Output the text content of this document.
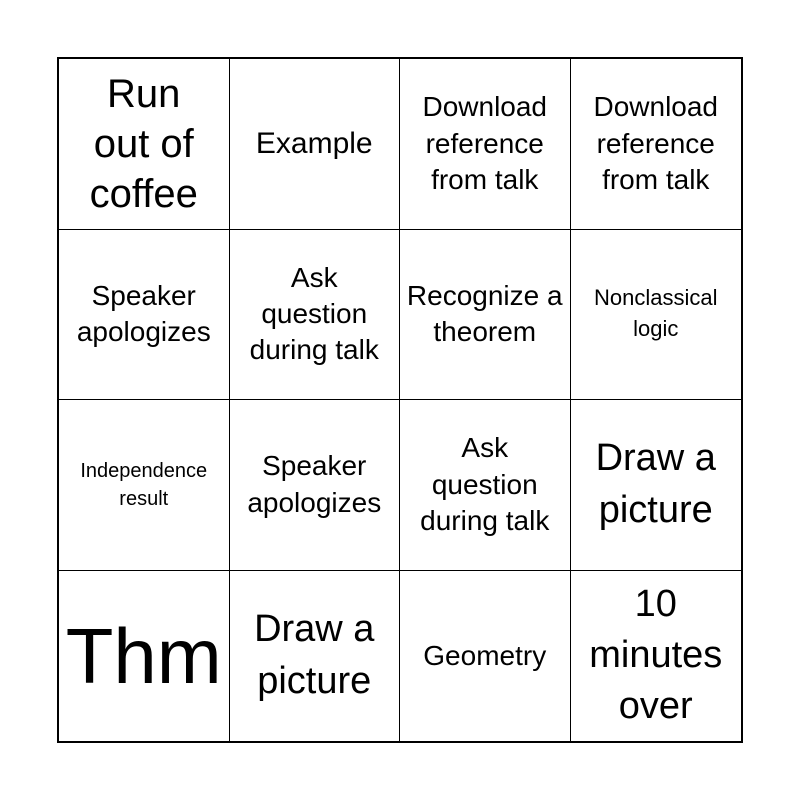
Run out of coffee
Example
Download reference from talk
Download reference from talk
Speaker apologizes
Ask question during talk
Recognize a theorem
Nonclassical logic
Independence result
Speaker apologizes
Ask question during talk
Draw a picture
Thm Draw a picture
Geometry
10 minutes over
